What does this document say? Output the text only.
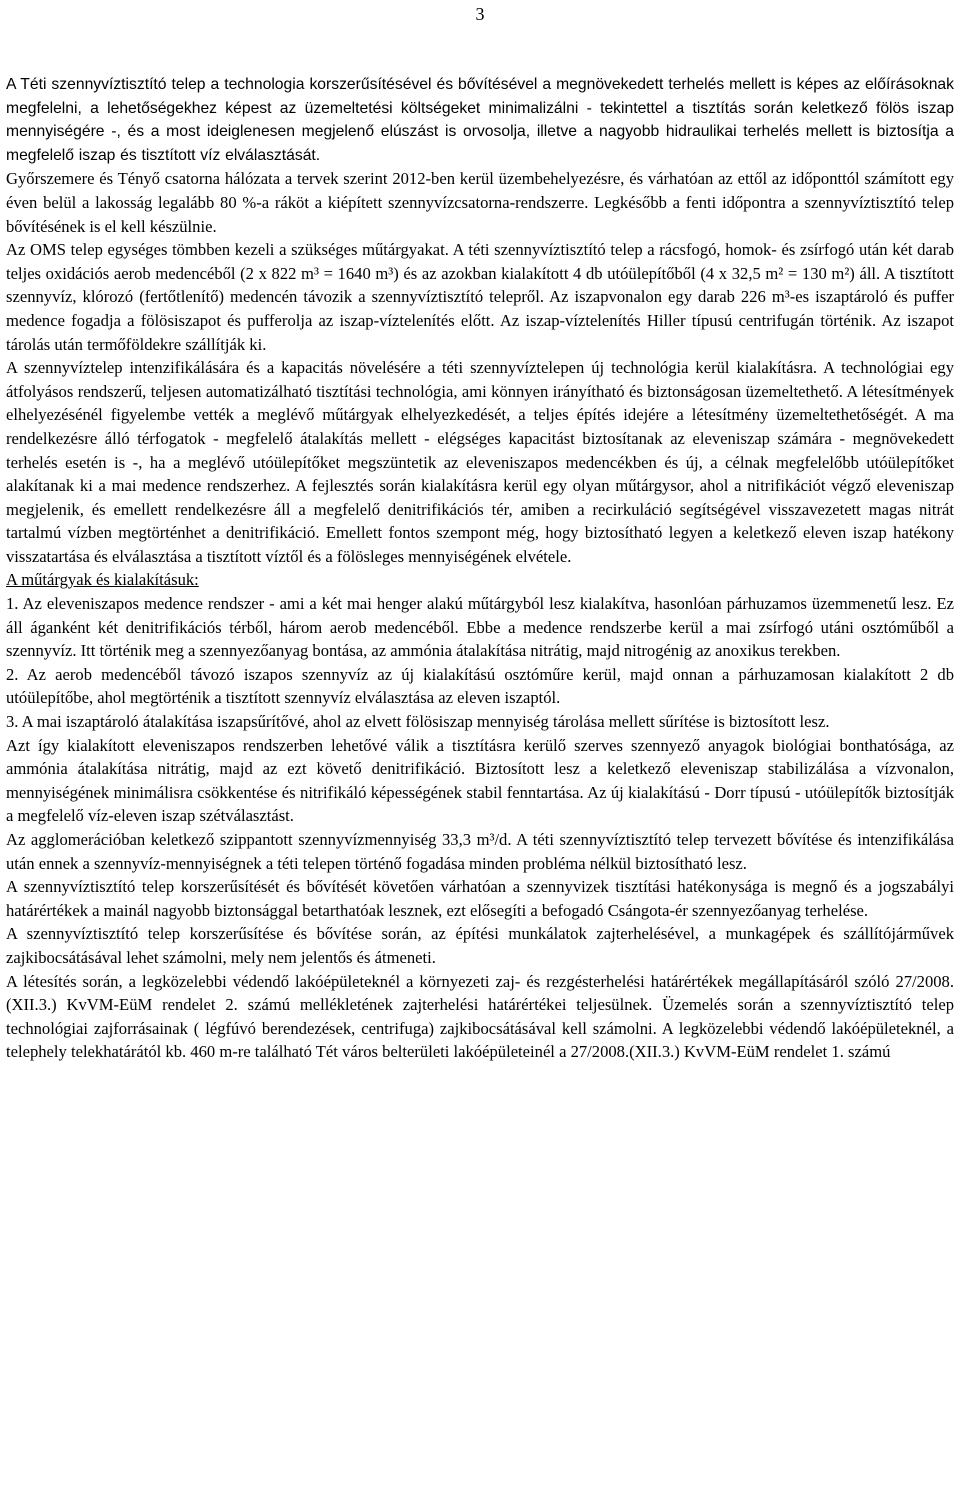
3

A Téti szennyvíztisztító telep a technologia korszerűsítésével és bővítésével a megnövekedett terhelés mellett is képes az előírásoknak megfelelni, a lehetőségekhez képest az üzemeltetési költségeket minimalizálni - tekintettel a tisztítás során keletkező fölös iszap mennyiségére -, és a most ideiglenesen megjelenő elúszást is orvosolja, illetve a nagyobb hidraulikai terhelés mellett is biztosítja a megfelelő iszap és tisztított víz elválasztását.

Győrszemere és Tényő csatorna hálózata a tervek szerint 2012-ben kerül üzembehelyezésre, és várhatóan az ettől az időponttól számított egy éven belül a lakosság legalább 80 %-a ráköt a kiépített szennyvízcsatorna-rendszerre. Legkésőbb a fenti időpontra a szennyvíztisztító telep bővítésének is el kell készülnie.

Az OMS telep egységes tömbben kezeli a szükséges műtárgyakat. A téti szennyvíztisztító telep a rácsfogó, homok- és zsírfogó után két darab teljes oxidációs aerob medencéből (2 x 822 m³ = 1640 m³) és az azokban kialakított 4 db utóülepítőből (4 x 32,5 m² = 130 m²) áll. A tisztított szennyvíz, klórozó (fertőtlenítő) medencén távozik a szennyvíztisztító telepről. Az iszapvonalon egy darab 226 m³-es iszaptároló és puffer medence fogadja a fölösiszapot és pufferolja az iszap-víztelenítés előtt. Az iszap-víztelenítés Hiller típusú centrifugán történik. Az iszapot tárolás után termőföldekre szállítják ki.

A szennyvíztelep intenzifikálására és a kapacitás növelésére a téti szennyvíztelepen új technológia kerül kialakításra. A technológiai egy átfolyásos rendszerű, teljesen automatizálható tisztítási technológia, ami könnyen irányítható és biztonságosan üzemeltethető. A létesítmények elhelyezésénél figyelembe vették a meglévő műtárgyak elhelyezkedését, a teljes építés idejére a létesítmény üzemeltethetőségét. A ma rendelkezésre álló térfogatok - megfelelő átalakítás mellett - elégséges kapacitást biztosítanak az eleveniszap számára - megnövekedett terhelés esetén is -, ha a meglévő utóülepítőket megszüntetik az eleveniszapos medencékben és új, a célnak megfelelőbb utóülepítőket alakítanak ki a mai medence rendszerhez. A fejlesztés során kialakításra kerül egy olyan műtárgysor, ahol a nitrifikációt végző eleveniszap megjelenik, és emellett rendelkezésre áll a megfelelő denitrifikációs tér, amiben a recirkuláció segítségével visszavezetett magas nitrát tartalmú vízben megtörténhet a denitrifikáció. Emellett fontos szempont még, hogy biztosítható legyen a keletkező eleven iszap hatékony visszatartása és elválasztása a tisztított víztől és a fölösleges mennyiségének elvétele.

A műtárgyak és kialakításuk:

1. Az eleveniszapos medence rendszer - ami a két mai henger alakú műtárgyból lesz kialakítva, hasonlóan párhuzamos üzemmenetű lesz. Ez áll áganként két denitrifikációs térből, három aerob medencéből. Ebbe a medence rendszerbe kerül a mai zsírfogó utáni osztóműből a szennyvíz. Itt történik meg a szennyezőanyag bontása, az ammónia átalakítása nitrátig, majd nitrogénig az anoxikus terekben.

2. Az aerob medencéből távozó iszapos szennyvíz az új kialakítású osztóműre kerül, majd onnan a párhuzamosan kialakított 2 db utóülepítőbe, ahol megtörténik a tisztított szennyvíz elválasztása az eleven iszaptól.

3. A mai iszaptároló átalakítása iszapsűrítővé, ahol az elvett fölösiszap mennyiség tárolása mellett sűrítése is biztosított lesz.

Azt így kialakított eleveniszapos rendszerben lehetővé válik a tisztításra kerülő szerves szennyező anyagok biológiai bonthatósága, az ammónia átalakítása nitrátig, majd az ezt követő denitrifikáció. Biztosított lesz a keletkező eleveniszap stabilizálása a vízvonalon, mennyiségének minimálisra csökkentése és nitrifikáló képességének stabil fenntartása. Az új kialakítású - Dorr típusú - utóülepítők biztosítják a megfelelő víz-eleven iszap szétválasztást.

Az agglomerációban keletkező szippantott szennyvízmennyiség 33,3 m³/d. A téti szennyvíztisztító telep tervezett bővítése és intenzifikálása után ennek a szennyvíz-mennyiségnek a téti telepen történő fogadása minden probléma nélkül biztosítható lesz.

A szennyvíztisztító telep korszerűsítését és bővítését követően várhatóan a szennyvizek tisztítási hatékonysága is megnő és a jogszabályi határértékek a mainál nagyobb biztonsággal betarthatóak lesznek, ezt elősegíti a befogadó Csángota-ér szennyezőanyag terhelése.

A szennyvíztisztító telep korszerűsítése és bővítése során, az építési munkálatok zajterhelésével, a munkagépek és szállítójárművek zajkibocsátásával lehet számolni, mely nem jelentős és átmeneti.

A létesítés során, a legközelebbi védendő lakóépületeknél a környezeti zaj- és rezgésterhelési határértékek megállapításáról szóló 27/2008.(XII.3.) KvVM-EüM rendelet 2. számú mellékletének zajterhelési határértékei teljesülnek. Üzemelés során a szennyvíztisztító telep technológiai zajforrásainak ( légfúvó berendezések, centrifuga) zajkibocsátásával kell számolni. A legközelebbi védendő lakóépületeknél, a telephely telekhatárától kb. 460 m-re található Tét város belterületi lakóépületeinél a 27/2008.(XII.3.) KvVM-EüM rendelet 1. számú
